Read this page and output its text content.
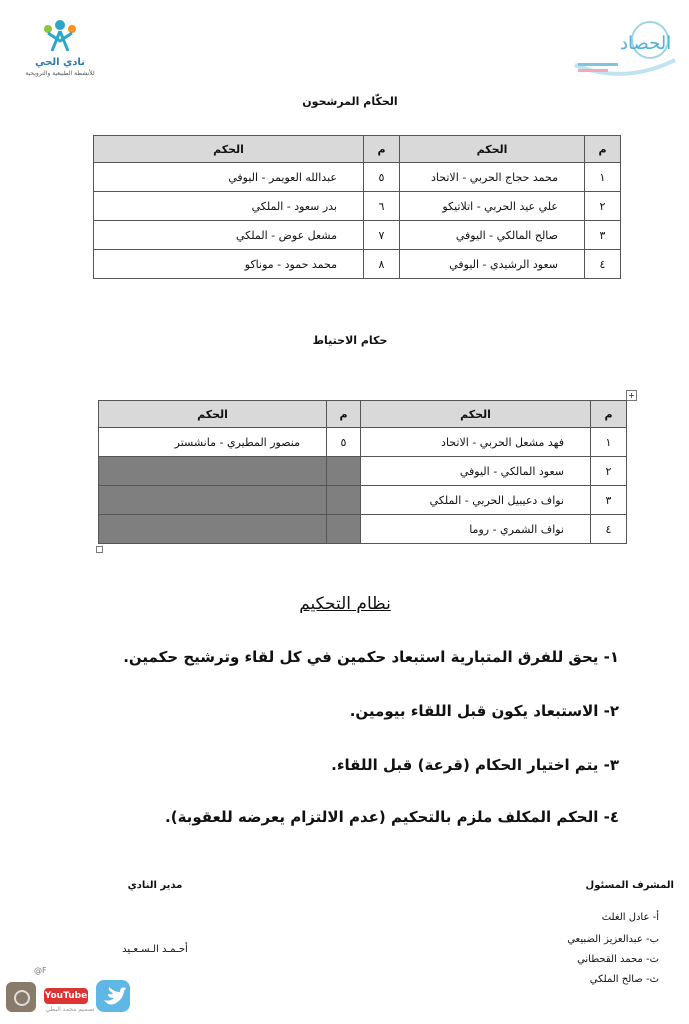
نادي الحي
للأنشطة الطبيعية والترويحية
الحصاد
الحكّام المرشحون
م	الحكم	م	الحكم
١	محمد حجاج الحربي - الاتحاد	٥	عبدالله العويمر - اليوفي
٢	علي عيد الحربي - اتلاتيكو	٦	بدر سعود - الملكي
٣	صالح المالكي - اليوفي	٧	مشعل عوض - الملكي
٤	سعود الرشيدي - اليوفي	٨	محمد حمود - موناكو
حكام الاحتياط
+
م	الحكم	م	الحكم
١	فهد مشعل الحربي - الاتحاد	٥	منصور المطيري - مانشستر
٢	سعود المالكي - اليوفي		
٣	نواف دعيبيل الحربي - الملكي		
٤	نواف الشمري - روما		
نظام التحكيم
١- يحق للفرق المتبارية استبعاد حكمين في كل لقاء وترشيح حكمين.
٢- الاستبعاد يكون قبل اللقاء بيومين.
٣- يتم اختيار الحكام (قرعة) قبل اللقاء.
٤- الحكم المكلف ملزم بالتحكيم (عدم الالتزام يعرضه للعقوبة).
المشرف المسئول
أ- عادل الغلث
ب- عبدالعزيز الضبيعي
ت- محمد القحطاني
ث- صالح الملكي
مدير النادي
أحـمـد الـسـعـيد
@F
YouTube
تصميم محمد البطي
